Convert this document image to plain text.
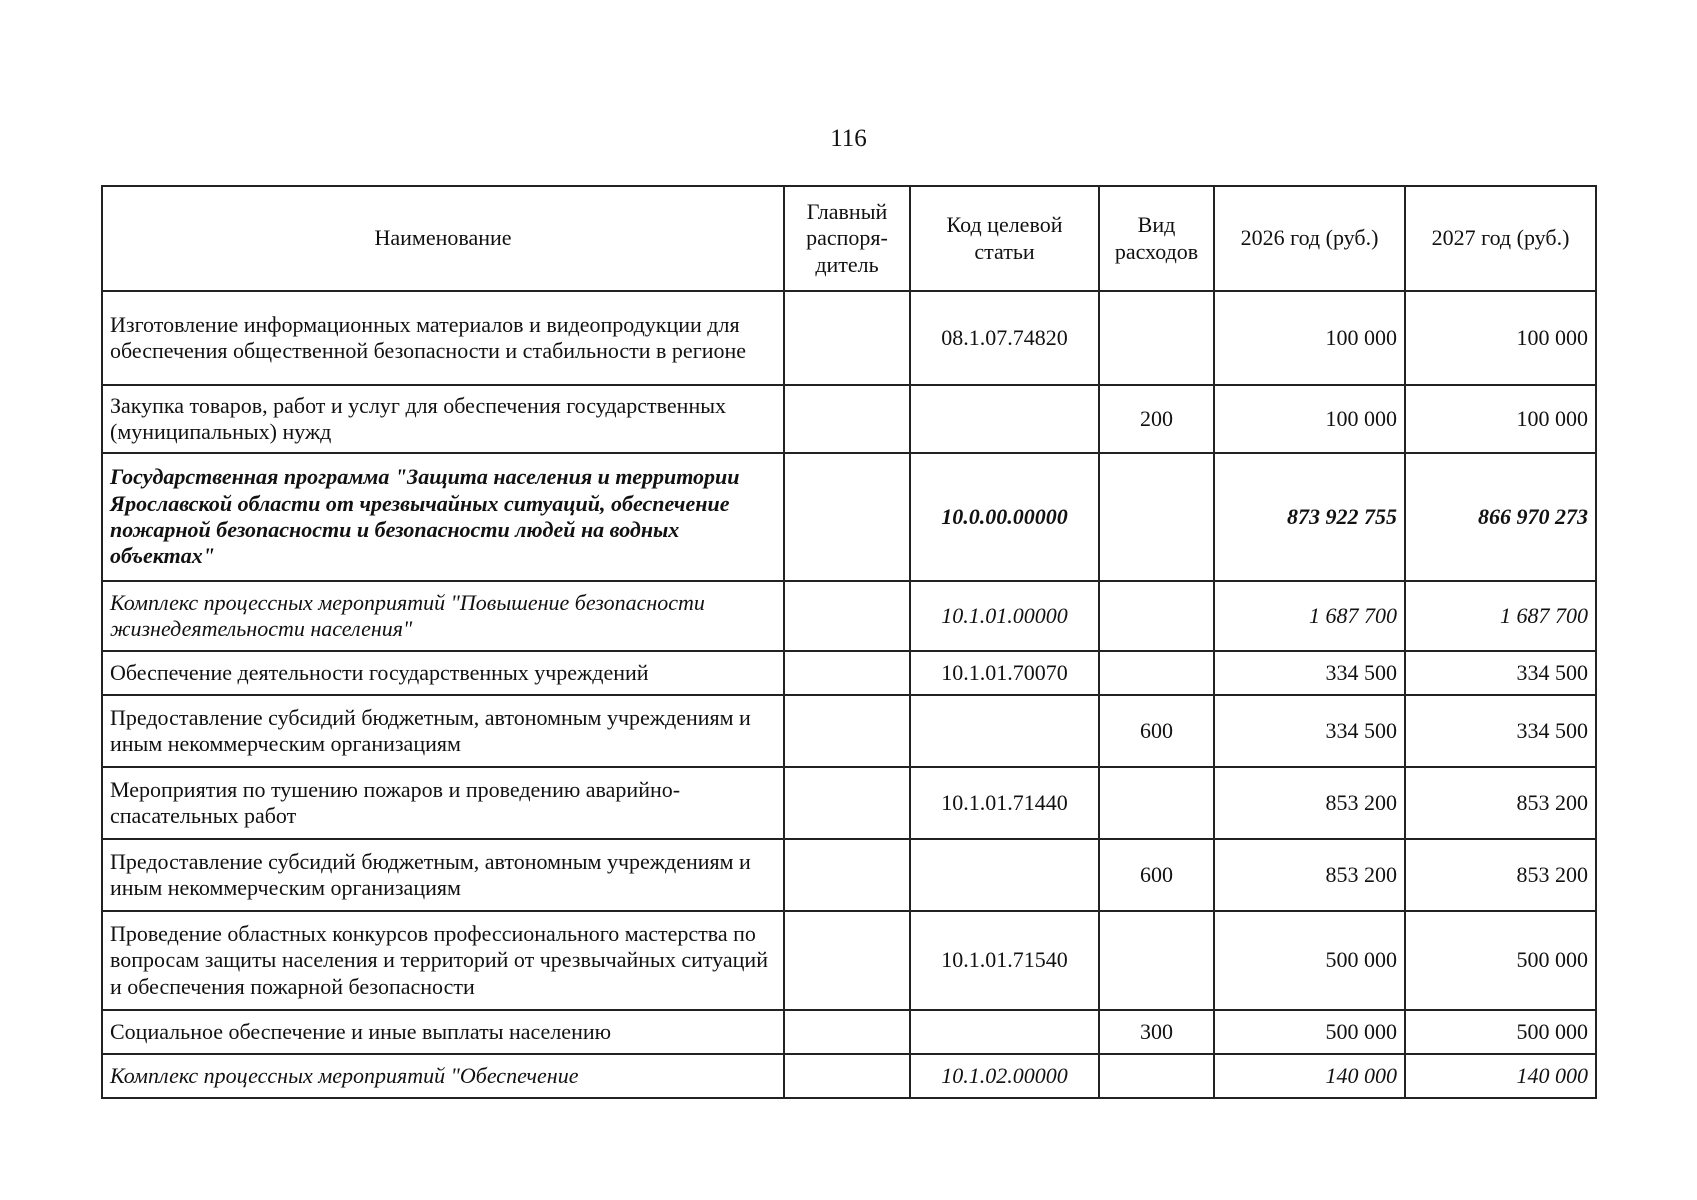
116
Наименование	Главный распоря-дитель	Код целевой статьи	Вид расходов	2026 год (руб.)	2027 год (руб.)
Изготовление информационных материалов и видеопродукции для обеспечения общественной безопасности и стабильности в регионе		08.1.07.74820		100 000	100 000
Закупка товаров, работ и услуг для обеспечения государственных (муниципальных) нужд			200	100 000	100 000
Государственная программа "Защита населения и территории Ярославской области от чрезвычайных ситуаций, обеспечение пожарной безопасности и безопасности людей на водных объектах"		10.0.00.00000		873 922 755	866 970 273
Комплекс процессных мероприятий "Повышение безопасности жизнедеятельности населения"		10.1.01.00000		1 687 700	1 687 700
Обеспечение деятельности государственных учреждений		10.1.01.70070		334 500	334 500
Предоставление субсидий бюджетным, автономным учреждениям и иным некоммерческим организациям			600	334 500	334 500
Мероприятия по тушению пожаров и проведению аварийно-спасательных работ		10.1.01.71440		853 200	853 200
Предоставление субсидий бюджетным, автономным учреждениям и иным некоммерческим организациям			600	853 200	853 200
Проведение областных конкурсов профессионального мастерства по вопросам защиты населения и территорий от чрезвычайных ситуаций и обеспечения пожарной безопасности		10.1.01.71540		500 000	500 000
Социальное обеспечение и иные выплаты населению			300	500 000	500 000
Комплекс процессных мероприятий "Обеспечение		10.1.02.00000		140 000	140 000
